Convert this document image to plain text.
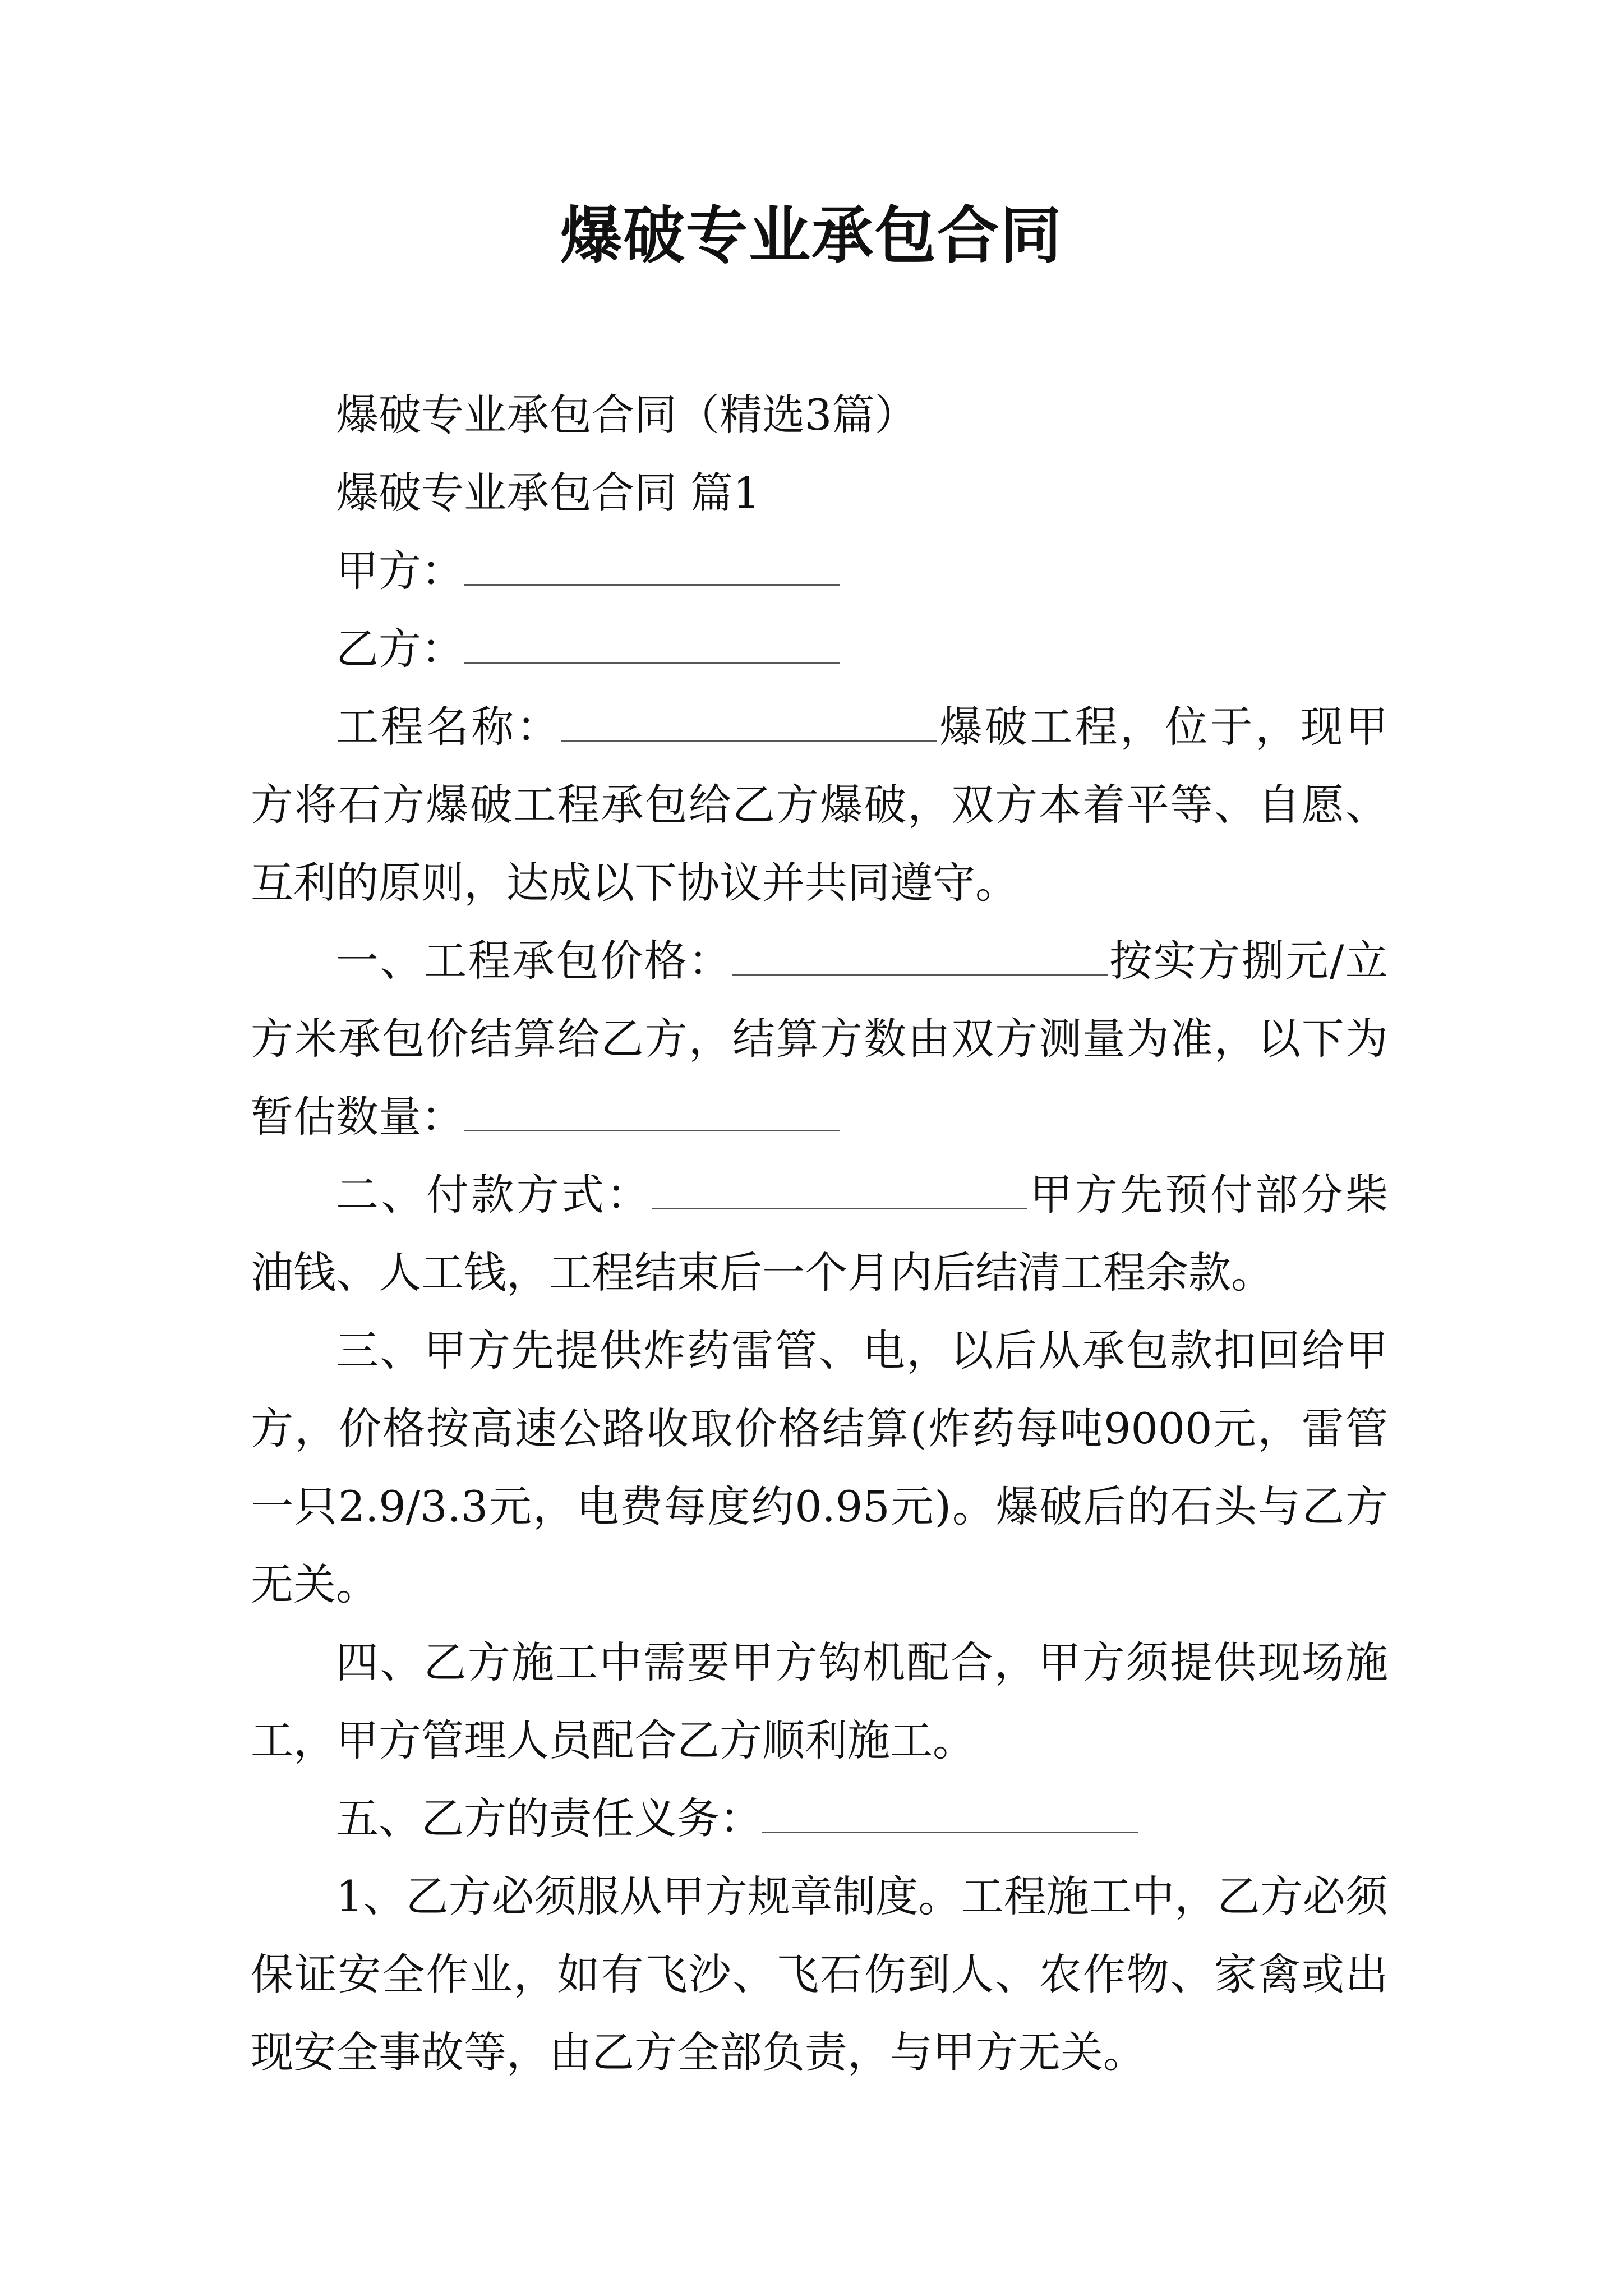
爆破专业承包合同

爆破专业承包合同（精选3篇）

爆破专业承包合同 篇1

甲方：

乙方：

工程名称：	爆破工程，位于，现甲方将石方爆破工程承包给乙方爆破，双方本着平等、自愿、互利的原则，达成以下协议并共同遵守。

一、工程承包价格：	按实方捌元/立方米承包价结算给乙方，结算方数由双方测量为准，以下为暂估数量：

二、付款方式：	甲方先预付部分柴油钱、人工钱，工程结束后一个月内后结清工程余款。

三、甲方先提供炸药雷管、电，以后从承包款扣回给甲方，价格按高速公路收取价格结算(炸药每吨9000元，雷管一只2.9/3.3元，电费每度约0.95元)。爆破后的石头与乙方无关。

四、乙方施工中需要甲方钩机配合，甲方须提供现场施工，甲方管理人员配合乙方顺利施工。

五、乙方的责任义务：

1、乙方必须服从甲方规章制度。工程施工中，乙方必须保证安全作业，如有飞沙、飞石伤到人、农作物、家禽或出现安全事故等，由乙方全部负责，与甲方无关。
